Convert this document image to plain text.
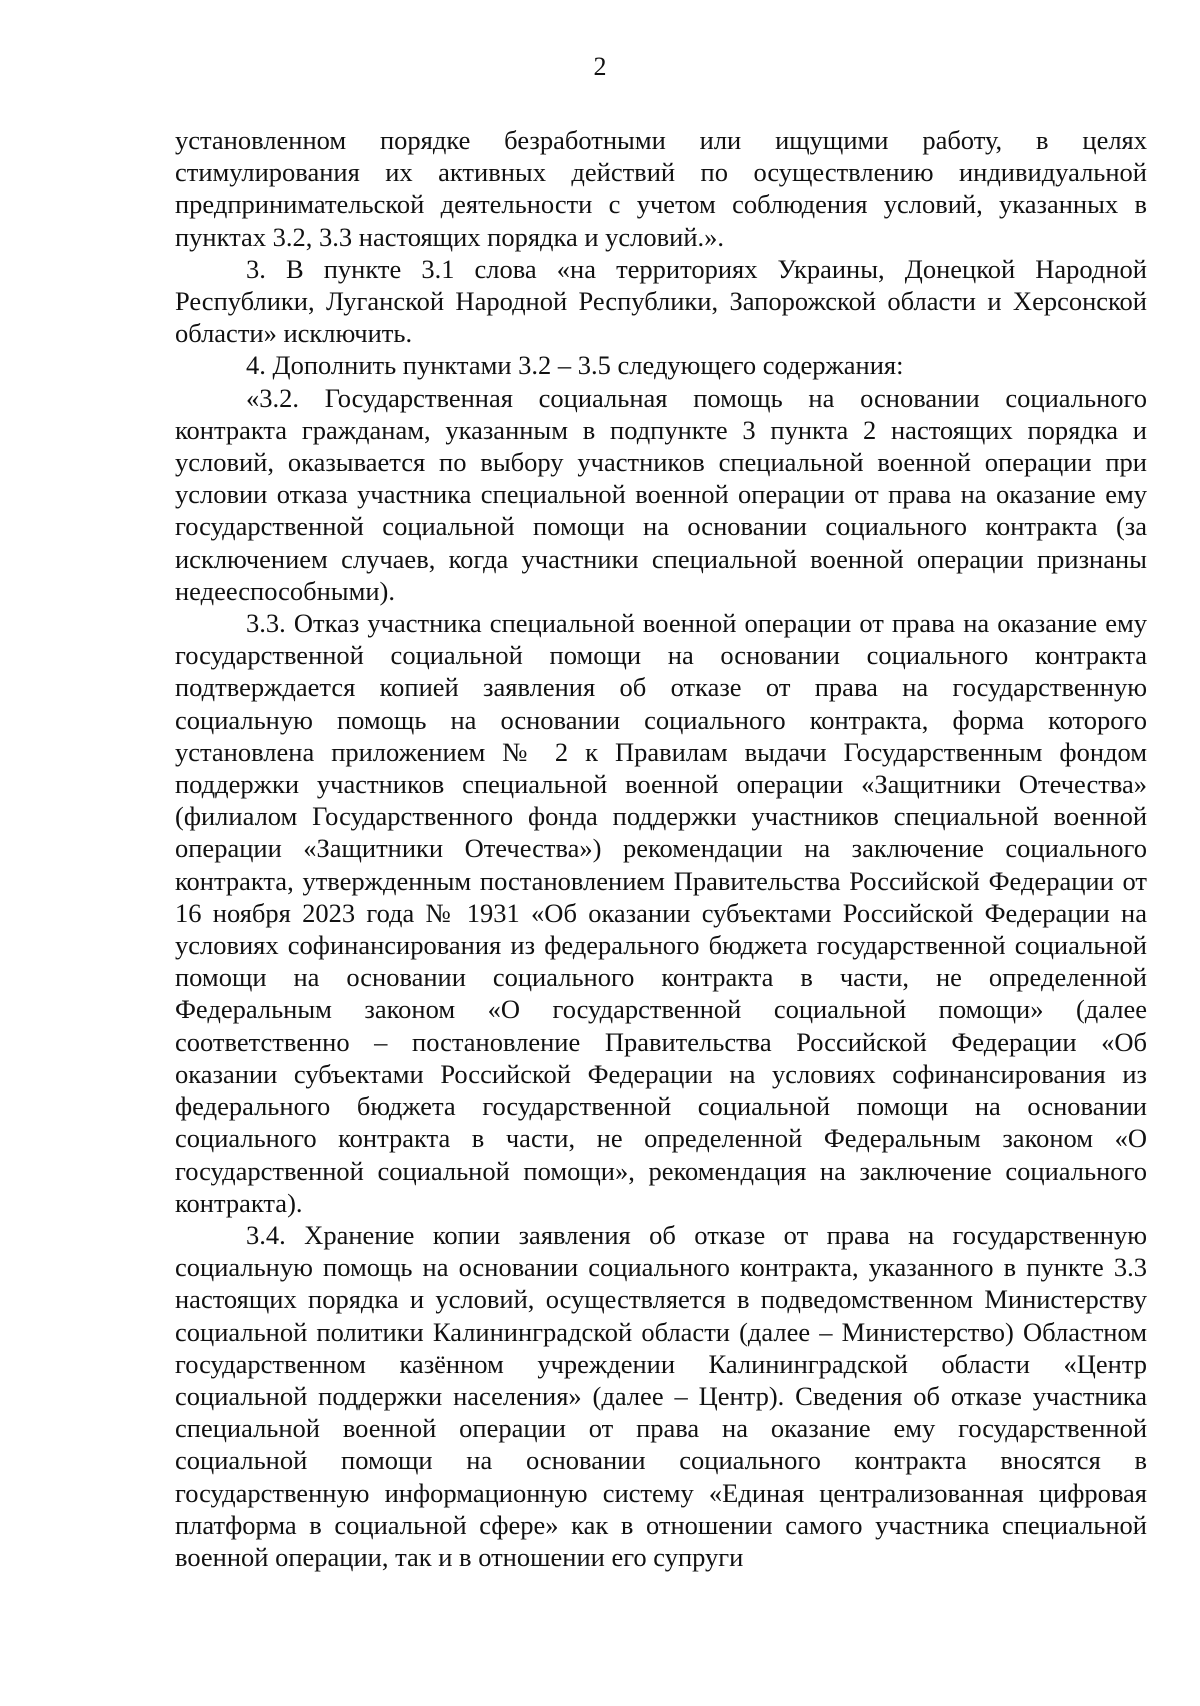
2

установленном порядке безработными или ищущими работу, в целях стимулирования их активных действий по осуществлению индивидуальной предпринимательской деятельности с учетом соблюдения условий, указанных в пунктах 3.2, 3.3 настоящих порядка и условий.».

3. В пункте 3.1 слова «на территориях Украины, Донецкой Народной Республики, Луганской Народной Республики, Запорожской области и Херсонской области» исключить.

4. Дополнить пунктами 3.2 – 3.5 следующего содержания:

«3.2. Государственная социальная помощь на основании социального контракта гражданам, указанным в подпункте 3 пункта 2 настоящих порядка и условий, оказывается по выбору участников специальной военной операции при условии отказа участника специальной военной операции от права на оказание ему государственной социальной помощи на основании социального контракта (за исключением случаев, когда участники специальной военной операции признаны недееспособными).

3.3. Отказ участника специальной военной операции от права на оказание ему государственной социальной помощи на основании социального контракта подтверждается копией заявления об отказе от права на государственную социальную помощь на основании социального контракта, форма которого установлена приложением № 2 к Правилам выдачи Государственным фондом поддержки участников специальной военной операции «Защитники Отечества» (филиалом Государственного фонда поддержки участников специальной военной операции «Защитники Отечества») рекомендации на заключение социального контракта, утвержденным постановлением Правительства Российской Федерации от 16 ноября 2023 года № 1931 «Об оказании субъектами Российской Федерации на условиях софинансирования из федерального бюджета государственной социальной помощи на основании социального контракта в части, не определенной Федеральным законом «О государственной социальной помощи» (далее соответственно – постановление Правительства Российской Федерации «Об оказании субъектами Российской Федерации на условиях софинансирования из федерального бюджета государственной социальной помощи на основании социального контракта в части, не определенной Федеральным законом «О государственной социальной помощи», рекомендация на заключение социального контракта).

3.4. Хранение копии заявления об отказе от права на государственную социальную помощь на основании социального контракта, указанного в пункте 3.3 настоящих порядка и условий, осуществляется в подведомственном Министерству социальной политики Калининградской области (далее – Министерство) Областном государственном казённом учреждении Калининградской области «Центр социальной поддержки населения» (далее – Центр). Сведения об отказе участника специальной военной операции от права на оказание ему государственной социальной помощи на основании социального контракта вносятся в государственную информационную систему «Единая централизованная цифровая платформа в социальной сфере» как в отношении самого участника специальной военной операции, так и в отношении его супруги
